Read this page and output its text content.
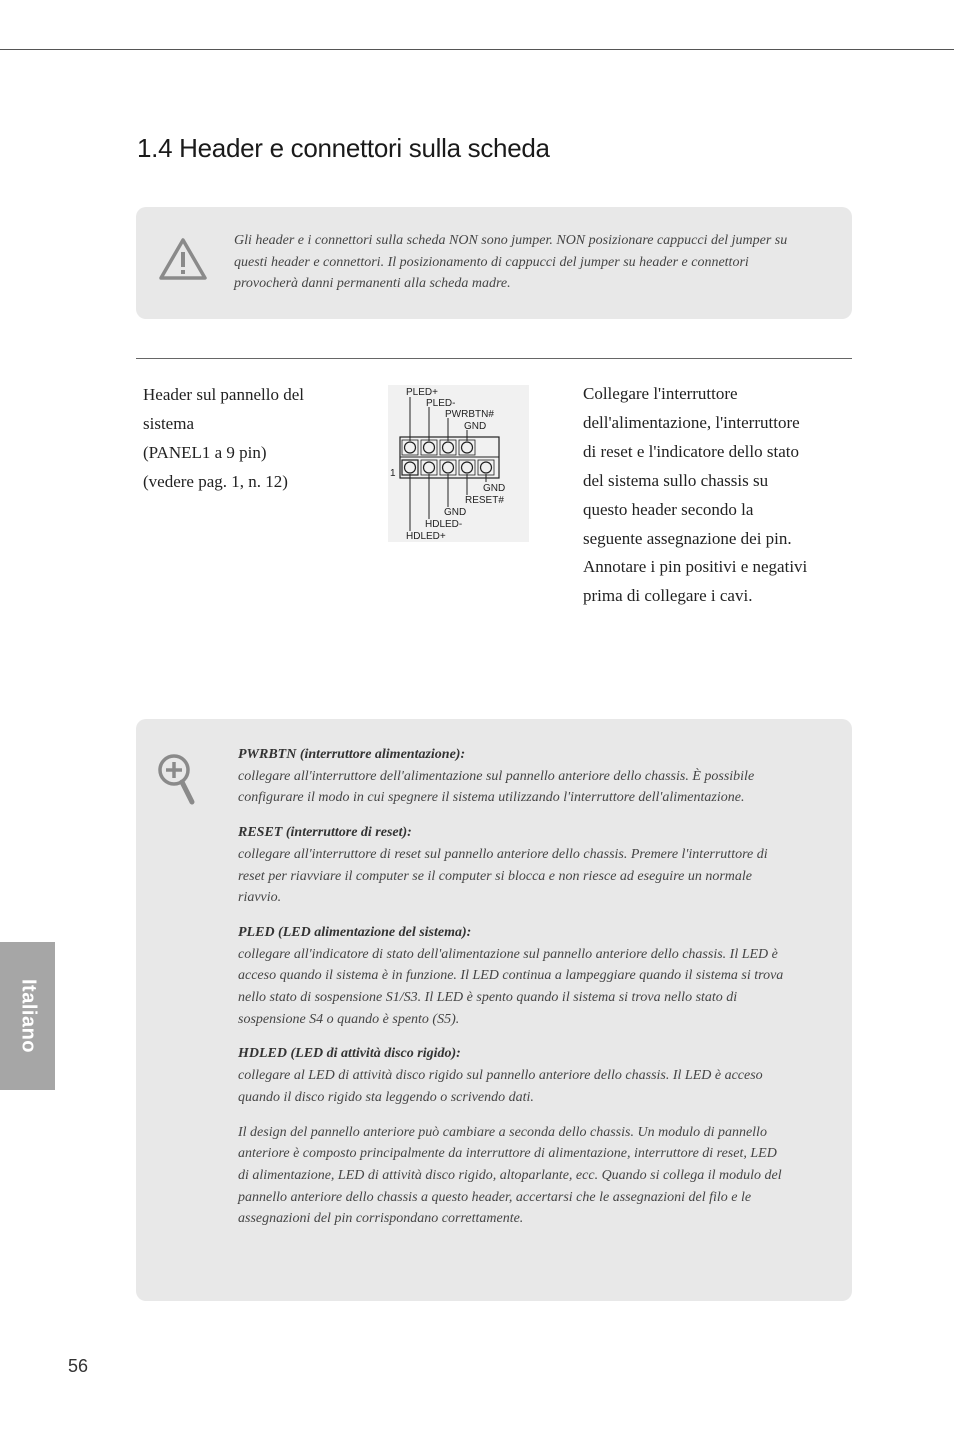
1.4 Header e connettori sulla scheda

Gli header e i connettori sulla scheda NON sono jumper. NON posizionare cappucci del jumper su questi header e connettori. Il posizionamento di cappucci del jumper su header e connettori provocherà danni permanenti alla scheda madre.

Header sul pannello del
sistema
(PANEL1 a 9 pin)
(vedere pag. 1, n. 12)	1
PLED+
PLED-
PWRBTN#
GND
GND
RESET#
GND
HDLED-
HDLED+

Collegare l'interruttore dell'alimentazione, l'interruttore di reset e l'indicatore dello stato del sistema sullo chassis su questo header secondo la seguente assegnazione dei pin. Annotare i pin positivi e negativi prima di collegare i cavi.

PWRBTN (interruttore alimentazione):
collegare all'interruttore dell'alimentazione sul pannello anteriore dello chassis. È possibile configurare il modo in cui spegnere il sistema utilizzando l'interruttore dell'alimentazione.

RESET (interruttore di reset):
collegare all'interruttore di reset sul pannello anteriore dello chassis. Premere l'interruttore di reset per riavviare il computer se il computer si blocca e non riesce ad eseguire un normale riavvio.

PLED (LED alimentazione del sistema):
collegare all'indicatore di stato dell'alimentazione sul pannello anteriore dello chassis. Il LED è acceso quando il sistema è in funzione. Il LED continua a lampeggiare quando il sistema si trova nello stato di sospensione S1/S3. Il LED è spento quando il sistema si trova nello stato di sospensione S4 o quando è spento (S5).

HDLED (LED di attività disco rigido):
collegare al LED di attività disco rigido sul pannello anteriore dello chassis. Il LED è acceso quando il disco rigido sta leggendo o scrivendo dati.

Il design del pannello anteriore può cambiare a seconda dello chassis. Un modulo di pannello anteriore è composto principalmente da interruttore di alimentazione, interruttore di reset, LED di alimentazione, LED di attività disco rigido, altoparlante, ecc. Quando si collega il modulo del pannello anteriore dello chassis a questo header, accertarsi che le assegnazioni del filo e le assegnazioni del pin corrispondano correttamente.

Italiano
56
